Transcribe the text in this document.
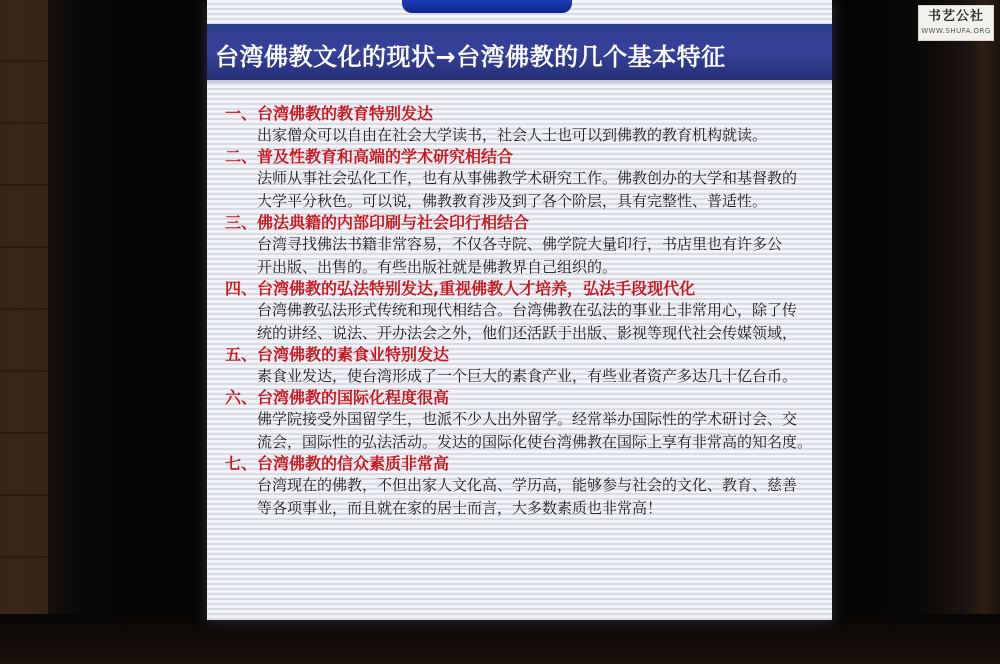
台湾佛教文化的现状→台湾佛教的几个基本特征

一、台湾佛教的教育特别发达

出家僧众可以自由在社会大学读书，社会人士也可以到佛教的教育机构就读。

二、普及性教育和高端的学术研究相结合

法师从事社会弘化工作，也有从事佛教学术研究工作。佛教创办的大学和基督教的

大学平分秋色。可以说，佛教教育涉及到了各个阶层，具有完整性、普适性。

三、佛法典籍的内部印刷与社会印行相结合

台湾寻找佛法书籍非常容易，不仅各寺院、佛学院大量印行，书店里也有许多公

开出版、出售的。有些出版社就是佛教界自己组织的。

四、台湾佛教的弘法特别发达,重视佛教人才培养，弘法手段现代化

台湾佛教弘法形式传统和现代相结合。台湾佛教在弘法的事业上非常用心，除了传

统的讲经、说法、开办法会之外，他们还活跃于出版、影视等现代社会传媒领域，

五、台湾佛教的素食业特别发达

素食业发达，使台湾形成了一个巨大的素食产业，有些业者资产多达几十亿台币。

六、台湾佛教的国际化程度很高

佛学院接受外国留学生，也派不少人出外留学。经常举办国际性的学术研讨会、交

流会，国际性的弘法活动。发达的国际化使台湾佛教在国际上享有非常高的知名度。

七、台湾佛教的信众素质非常高

台湾现在的佛教，不但出家人文化高、学历高，能够参与社会的文化、教育、慈善

等各项事业，而且就在家的居士而言，大多数素质也非常高！

书艺公社
WWW.SHUFA.ORG
